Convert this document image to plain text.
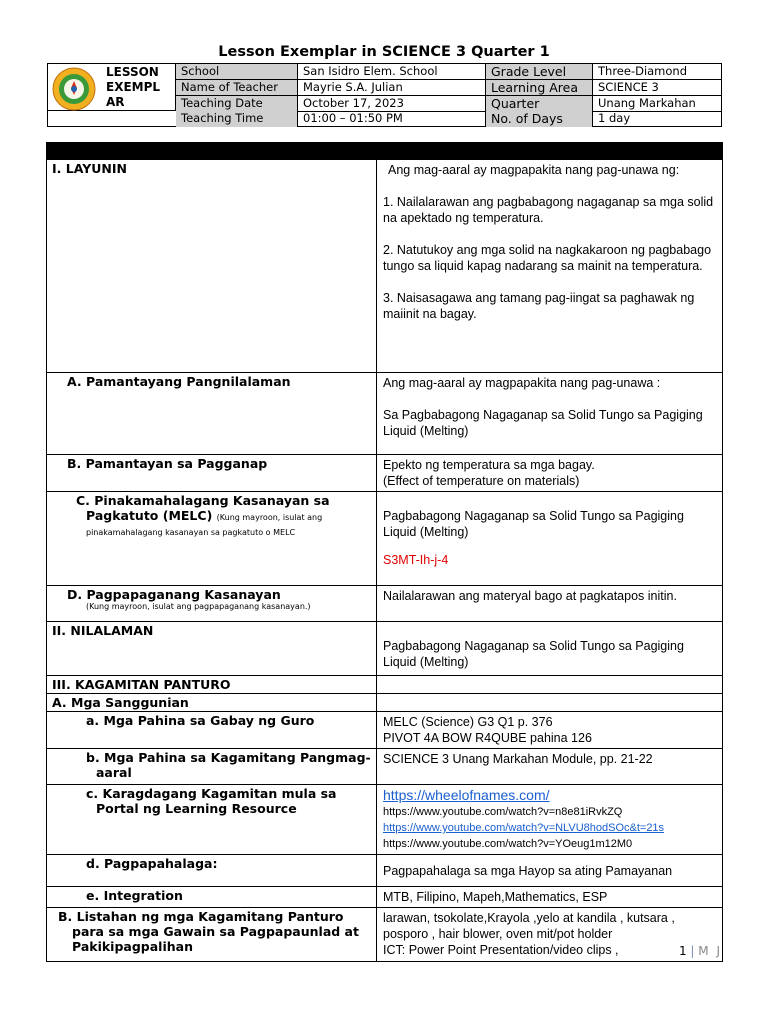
Lesson Exemplar in SCIENCE 3 Quarter 1
LESSON EXEMPL AR
School	San Isidro Elem. School	Grade Level	Three-Diamond
Name of Teacher	Mayrie S.A. Julian	Learning Area	SCIENCE 3
Teaching Date	October 17, 2023	Quarter	Unang Markahan
Teaching Time	01:00 – 01:50 PM	No. of Days	1 day

I. LAYUNIN	Ang mag-aaral ay magpapakita nang pag-unawa ng:

1. Nailalarawan ang pagbabagong nagaganap sa mga solid na apektado ng temperatura.

2. Natutukoy ang mga solid na nagkakaroon ng pagbabago tungo sa liquid kapag nadarang sa mainit na temperatura.

3. Naisasagawa ang tamang pag-iingat sa paghawak ng maiinit na bagay.

A. Pamantayang Pangnilalaman	Ang mag-aaral ay magpapakita nang pag-unawa :

Sa Pagbabagong Nagaganap sa Solid Tungo sa Pagiging Liquid (Melting)

B. Pamantayan sa Pagganap	Epekto ng temperatura sa mga bagay.

(Effect of temperature on materials)

C. Pinakamahalagang Kasanayan sa Pagkatuto (MELC) (Kung mayroon, isulat ang pinakamahalagang kasanayan sa pagkatuto o MELC	Pagbabagong Nagaganap sa Solid Tungo sa Pagiging Liquid (Melting)

S3MT-Ih-j-4

D. Pagpapaganang Kasanayan
(Kung mayroon, isulat ang pagpapaganang kasanayan.)	Nailalarawan ang materyal bago at pagkatapos initin.
II. NILALAMAN	Pagbabagong Nagaganap sa Solid Tungo sa Pagiging Liquid (Melting)

III. KAGAMITAN PANTURO	
A. Mga Sanggunian	

a. Mga Pahina sa Gabay ng Guro	MELC (Science) G3 Q1 p. 376

PIVOT 4A BOW R4QUBE pahina 126

b. Mga Pahina sa Kagamitang Pangmag-aaral	SCIENCE 3 Unang Markahan Module, pp. 21-22

c. Karagdagang Kagamitan mula sa Portal ng Learning Resource	https://wheelofnames.com/

https://www.youtube.com/watch?v=n8e81iRvkZQ

https://www.youtube.com/watch?v=NLVU8hodSOc&t=21s

https://www.youtube.com/watch?v=YOeug1m12M0

d. Pagpapahalaga:	Pagpapahalaga sa mga Hayop sa ating Pamayanan

e. Integration	MTB, Filipino, Mapeh,Mathematics, ESP

B. Listahan ng mga Kagamitang Panturo para sa mga Gawain sa Pagpapaunlad at Pakikipagpalihan	larawan, tsokolate,Krayola ,yelo at kandila , kutsara ,

posporo , hair blower, oven mit/pot holder

ICT: Power Point Presentation/video clips ,	1 | M J
